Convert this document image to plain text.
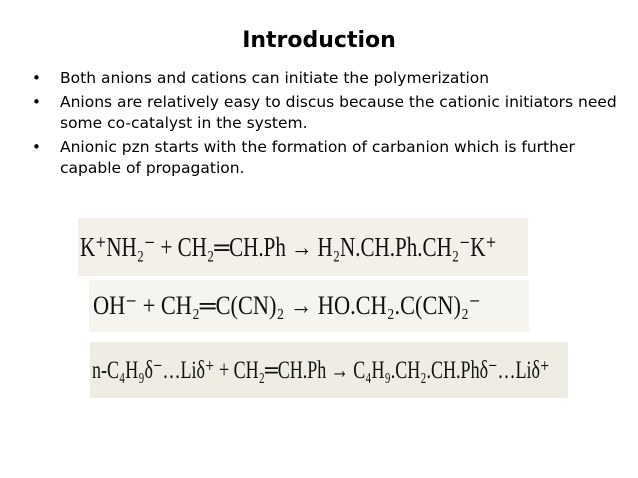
Introduction
• Both anions and cations can initiate the polymerization
• Anions are relatively easy to discus because the cationic initiators need some co-catalyst in the system.
• Anionic pzn starts with the formation of carbanion which is further capable of propagation.
K⁺NH₂⁻ + CH₂═CH.Ph → H₂N.CH.Ph.CH₂⁻K⁺
OH⁻ + CH₂═C(CN)₂ → HO.CH₂.C(CN)₂⁻
n-C₄H₉δ⁻…Liδ⁺ + CH₂═CH.Ph → C₄H₉.CH₂.CH.Phδ⁻…Liδ⁺
